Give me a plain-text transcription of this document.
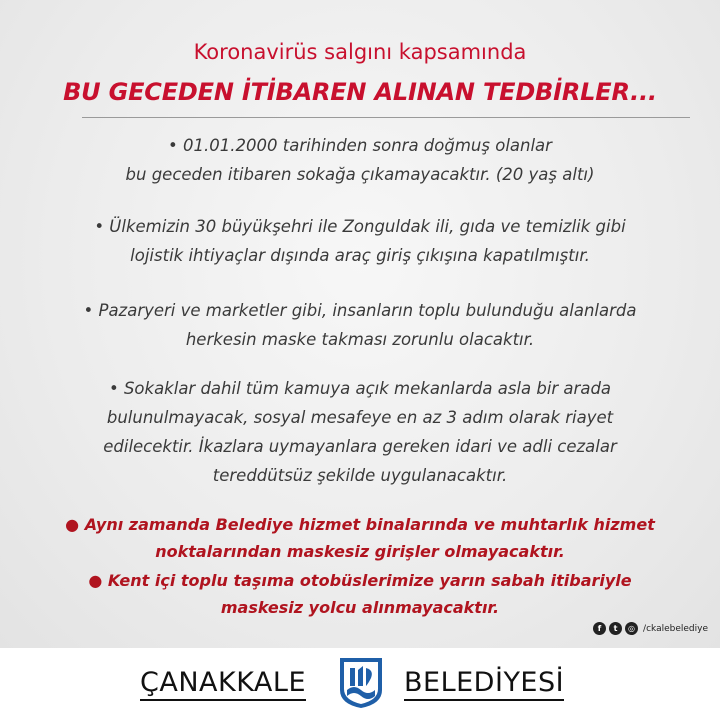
Koronavirüs salgını kapsamında
BU GECEDEN İTİBAREN ALINAN TEDBİRLER...
• 01.01.2000 tarihinden sonra doğmuş olanlar
bu geceden itibaren sokağa çıkamayacaktır. (20 yaş altı)
• Ülkemizin 30 büyükşehri ile Zonguldak ili, gıda ve temizlik gibi
lojistik ihtiyaçlar dışında araç giriş çıkışına kapatılmıştır.
• Pazaryeri ve marketler gibi, insanların toplu bulunduğu alanlarda
herkesin maske takması zorunlu olacaktır.
• Sokaklar dahil tüm kamuya açık mekanlarda asla bir arada
bulunulmayacak, sosyal mesafeye en az 3 adım olarak riayet
edilecektir. İkazlara uymayanlara gereken idari ve adli cezalar
tereddütsüz şekilde uygulanacaktır.
● Aynı zamanda Belediye hizmet binalarında ve muhtarlık hizmet
noktalarından maskesiz girişler olmayacaktır.
● Kent içi toplu taşıma otobüslerimize yarın sabah itibariyle
maskesiz yolcu alınmayacaktır.
f	t	◎ /ckalebelediye
ÇANAKKALE	BELEDİYESİ
